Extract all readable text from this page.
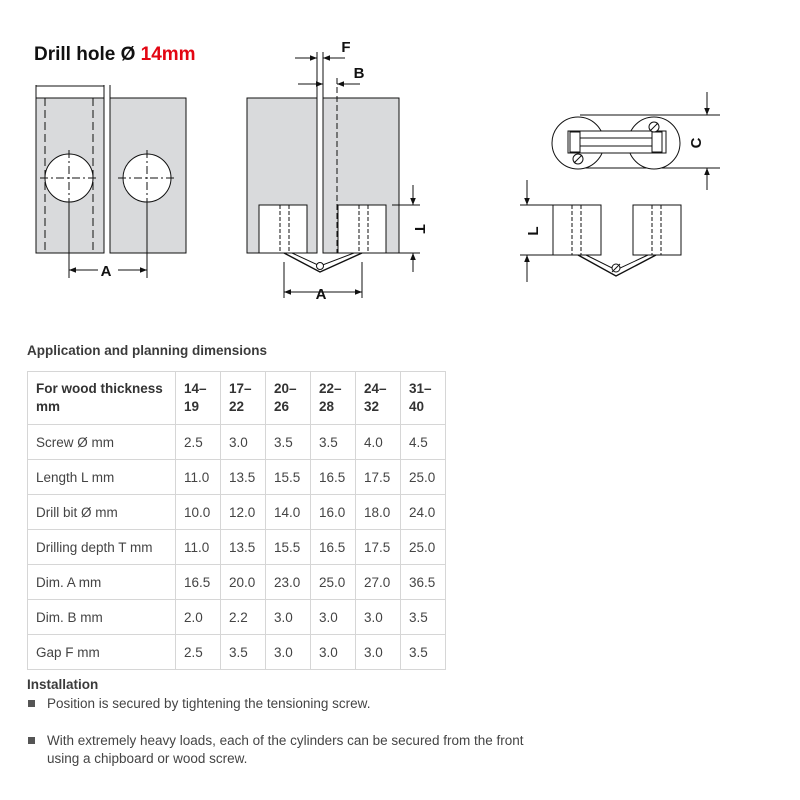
Drill hole Ø 14mm
A
F
B
A
T
C
L
Application and planning dimensions
For wood thickness mm	14–19	17–22	20–26	22–28	24–32	31–40
Screw Ø mm	2.5	3.0	3.5	3.5	4.0	4.5
Length L mm	11.0	13.5	15.5	16.5	17.5	25.0
Drill bit Ø mm	10.0	12.0	14.0	16.0	18.0	24.0
Drilling depth T mm	11.0	13.5	15.5	16.5	17.5	25.0
Dim. A mm	16.5	20.0	23.0	25.0	27.0	36.5
Dim. B mm	2.0	2.2	3.0	3.0	3.0	3.5
Gap F mm	2.5	3.5	3.0	3.0	3.0	3.5
Installation
Position is secured by tightening the tensioning screw.
With extremely heavy loads, each of the cylinders can be secured from the front using a chipboard or wood screw.
